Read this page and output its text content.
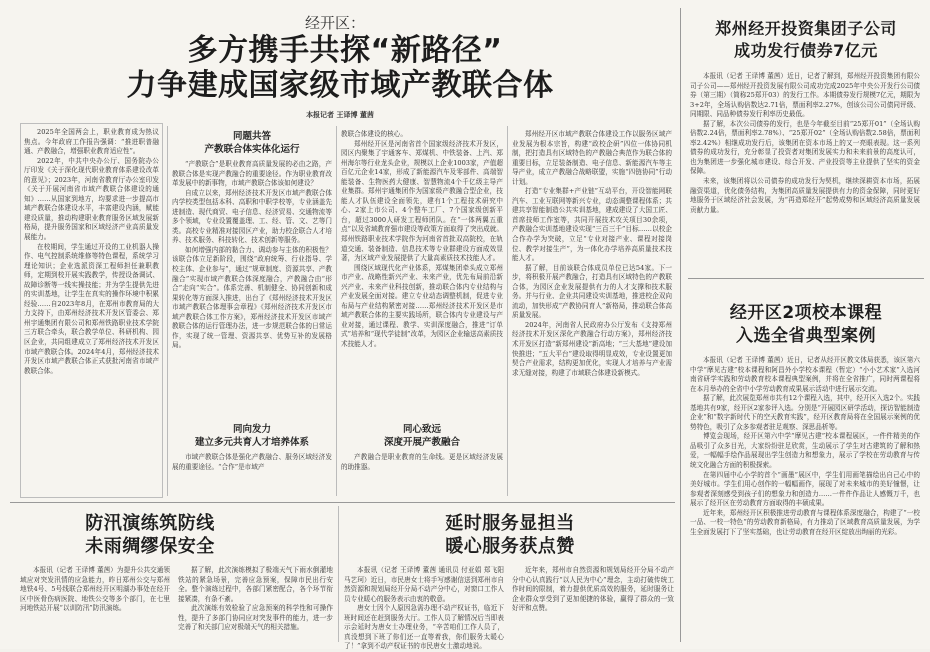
经开区：
多方携手共探“新路径”
力争建成国家级市域产教联合体
本报记者 王译博 董茜

2025年全国两会上，职业教育成为热议焦点。今年政府工作报告强调：“推进职普融通、产教融合，增强职业教育适应性”。

2022年，中共中央办公厅、国务院办公厅印发《关于深化现代职业教育体系建设改革的意见》；2023年，河南省教育厅办公室印发《关于开展河南省市域产教联合体建设的通知》……从国家到地方，均要求进一步提高市域产教联合体建设水平，丰富建设内涵，赋能建设质量，推动构建职业教育服务区域发展新格局，提升服务国家和区域经济产业高质量发展能力。

在校期间，学生通过开设的工业机器人操作、电气控制系统维修等特色课程，系统学习理论知识；企业选派资深工程师担任兼职教师，定期到校开展实践教学，传授设备调试、故障诊断等一线实操技能；并为学生提供先进的实训基地，让学生在真实的操作环境中积累经验……自2023年8月，在郑州市教育局的大力支持下，由郑州经济技术开发区管委会、郑州宇通集团有限公司和郑州铁路职业技术学院三方联合牵头，联合教学单位、科研机构、园区企业，共同组建成立了郑州经济技术开发区市域产教联合体。2024年4月，郑州经济技术开发区市域产教联合体正式获批河南省市域产教联合体。

同题共答
产教联合体实体化运行

“产教联合”是职业教育高质量发展的必由之路，产教联合体是实现产教融合的重要途径。作为职业教育改革发展中的新事物，市域产教联合体该如何建设？

自成立以来，郑州经济技术开发区市域产教联合体内学校类型包括本科、高职和中职学校等，专业涵盖先进制造、现代商贸、电子信息、经济贸易、交通物流等多个领域，专业设置覆盖理、工、经、管、文、艺等门类。高校专业精准对接园区产业，助力校企联合人才培养、技术服务、科技转化、技术创新等服务。

如何增强内部的黏合力、调动参与主体的积极性？该联合体立足新阶段，围绕“政府统筹、行业指导、学校主体、企业参与”，通过“规章制度、资源共享、产教融合”实现市域产教联合体深度融合，产教融合由“形合”走向“实合”。体系完善、机制健全、协同创新和成果转化等方面深入推进，出台了《郑州经济技术开发区市域产教联合体理事会章程》《郑州经济技术开发区市域产教联合体工作方案》，郑州经济技术开发区市域产教联合体的运行管理办法，进一步规范联合体的日常运作，实现了统一管理、资源共享、优势互补的发展格局。

同向发力
建立多元共育人才培养体系

市域产教联合体是强化产教融合、服务区域经济发展的重要途径。“合作”是市域产

教联合体建设的核心。

郑州经开区是河南省首个国家级经济技术开发区，园区内聚集了宇通客车、郑煤机、中铁装备、上汽、郑州海尔等行业龙头企业，规模以上企业1003家，产值超百亿元企业14家，形成了新能源汽车及零部件、高端智能装备、生物医药大健康、智慧物流4个千亿级主导产业集群。郑州宇通集团作为国家级产教融合型企业，技能人才队伍建设全面领先，建有1个工程技术研究中心、2家上市公司、4个整车工厂、7个国家级创新平台，超过3000人研发工程师团队。在“一体两翼五重点”以及省域教育强市建设等政策方面取得了突出成就。郑州铁路职业技术学院作为河南省首批双高院校，在轨道交通、装备制造、信息技术等专业群建设方面成效显著，为区域产业发展提供了大量高素质技术技能人才。

围绕区域现代化产业体系，郑煤集团牵头成立郑州市产业、战略性新兴产业、未来产业，优先布局前沿新兴产业、未来产业科技创新，推动联合体内专业结构与产业发展全面对接。建立专业动态调整机制，促进专业布局与产业结构紧密对接……郑州经济技术开发区是市域产教联合体的主要实践场所，联合体内专业建设与产业对接，通过课程、教学、实训深度融合，推进“订单式”培养和“现代学徒制”改革，为园区企业输送高素质技术技能人才。

同心致远
深度开展产教融合

产教融合是职业教育的生命线。更是区域经济发展的助推器。

郑州经开区市域产教联合体建设工作以服务区域产业发展为根本宗旨，构建“政校企研”四位一体协同机制，把打造具有区域特色的产教融合典范作为联合体的重要目标，立足装备制造、电子信息、新能源汽车等主导产业，成立产教融合战略联盟，实施“四链协同”行动计划。

打造“专业集群+产业链”互动平台，开设智能网联汽车、工业互联网等新兴专业，动态调整课程体系；共建共享智能制造公共实训基地，建成建设了大国工匠、首席技师工作室等，共同开展技术攻关项目30余项，产教融合实训基地建设实现“三百三千”目标……以校企合作办学为突破，立足“专业对接产业、课程对接岗位、教学对接生产”，为一体化办学培养高质量技术技能人才。

据了解，目前该联合体成员单位已达54家。下一步，将积极开展产教融合，打造具有区域特色的产教联合体，为园区企业发展提供有力的人才支撑和技术服务。并与行业、企业共同建设实训基地，推进校企双向流动，加快形成“产教协同育人”新格局，推动联合体高质量发展。

2024年，河南省人民政府办公厅发布《支持郑州经济技术开发区深化产教融合行动方案》，郑州经济技术开发区打造“新郑州建设”新高地；“三大基地”建设加快推进；“五大平台”建设取得明显成效，专业设置更加契合产业需求，结构更加优化，实现人才培养与产业需求无缝对接，构建了市域联合体建设新模式。

郑州经开投资集团子公司
成功发行债券7亿元

本报讯（记者 王译博 董茜）近日，记者了解到，郑州经开投资集团有限公司子公司——郑州经开投资发展有限公司成功完成2025年中央公开发行公司债券（第三期）（简称25郑开03）的发行工作。本期债券发行规模7亿元，期限为3+2年，全场认购倍数达2.71倍，票面利率2.27%，创该公司公司债同评级、同期限、同品种债券发行利率历史最低。

据了解，本次公司债券的发行，也是今年截至目前“25郑开01”（全场认购倍数2.24倍，票面利率2.78%）、“25郑开02”（全场认购倍数2.58倍，票面利率2.42%）相继成功发行后，该集团在资本市场上的又一亮眼表现。这一系列债券的成功发行，充分彰显了投资者对集团发展实力和未来前景的高度认可，也为集团进一步强化城市建设、综合开发、产业投资等主业提供了坚实的资金保障。

未来，该集团将以公司债券的成功发行为契机，继续深耕资本市场，拓展融资渠道，优化债务结构，为集团高质量发展提供有力的资金保障，同时更好地服务于区域经济社会发展，为“再造郑经开”起势成势和区域经济高质量发展贡献力量。

经开区2项校本课程
入选全省典型案例

本报讯（记者 王译博 董茜）近日，记者从经开区教文体局获悉，该区第六中学“摩见古建”校本课程和阿昌外小学校本课程（暂定）“小小艺术家”入选河南省研学实践和劳动教育校本课程典型案例，并将在全省推广，同时两课程将在本月举办的全省中小学劳动教育成果展示活动中进行展示交流。

据了解，此次展览郑州市共有12个课程入选，其中，经开区入选2个。实践基地共有9家，经开区2家参评入选。分别是“开展园区研学活动，探访智能制造企业”和“数字新时代下的空天教育实践”，经开区教育局将在全国展示案例的优势特色，吸引了众多参观者驻足观察、深思品析等。

博览会现场，经开区第六中学“摩见古建”校本课程展区，一件件精美的作品吸引了众多目光，大家纷纷驻足欣赏，生动展示了学生对古建筑的了解和热爱，一幅幅手绘作品展现出学生创造力和想象力，展示了学校在劳动教育与传统文化融合方面的积极探索。

在第四届中心小学的首个“画墨”展区中，学生们用画笔描绘出自己心中的美好城市。学生们用心创作的一幅幅画作，展现了对未来城市的美好憧憬，让参观者深刻感受到孩子们的想象力和创造力……一件件作品让人感慨万千，也展示了经开区在劳动教育方面取得的丰硕成果。

近年来，郑州经开区积极推进劳动教育与课程体系深度融合，构建了“一校一品、一校一特色”的劳动教育新格局，有力推动了区域教育高质量发展，为学生全面发展打下了坚实基础，也让劳动教育在经开区绽放出绚丽的光彩。

防汛演练筑防线
未雨绸缪保安全

本报讯（记者 王译博 董茜）为提升公共交通领域应对突发汛情的应急能力，昨日郑州公交与郑州地铁4号、5号线联合郑州经开区明湖办事处在经开区中医骨伤病医院、地铁公交等多个部门，在七里河地铁站开展“以训防汛”防汛演练。

据了解，此次演练模拟了极端天气下雨水倒灌地铁站的紧急场景，完善应急预案，保障市民出行安全。整个演练过程中，各部门紧密配合，各个环节衔接紧凑，有条不紊。

此次演练有效检验了应急预案的科学性和可操作性，提升了多部门协同应对突发事件的能力，进一步完善了和关部门应对极端天气的相关措施。

延时服务显担当
暖心服务获点赞

本报讯（记者 王译博 董茜 通讯员 付亚娟 郑飞阳 马艺珂）近日，市民唐女士将手写感谢信送到郑州市自然资源和规划局经开分局不动产分中心，对窗口工作人员专业暖心的服务表示由衷的敬意。

唐女士因个人原因急需办理不动产权证书，临近下班时间还在赶到服务大厅。工作人员了解情况后当即表示会延时为唐女士办理业务，“辛苦咱们工作人员了，真没想到下班了你们还一直等着我，你们服务太暖心了！”拿到不动产权证书的市民唐女士激动地说。

近年来，郑州市自然资源和规划局经开分局不动产分中心认真践行“以人民为中心”理念，主动打破传统工作时间的限制，着力提供优质高效的服务，延时服务让企业群众享受到了更加便捷的体验，赢得了群众的一致好评和点赞。
